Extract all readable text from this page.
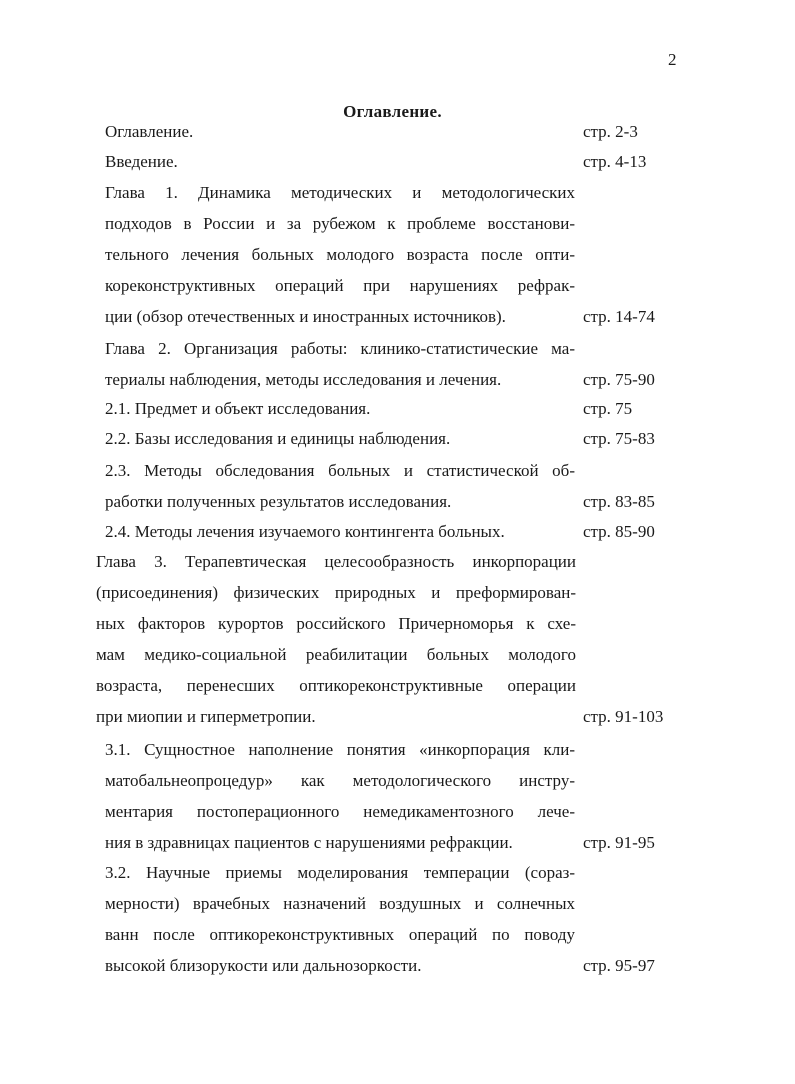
2
Оглавление.
Оглавление.	стр. 2-3
Введение.	стр. 4-13
Глава 1. Динамика методических и методологических
подходов в России и за рубежом к проблеме восстанови-
тельного лечения больных молодого возраста после опти-
кореконструктивных операций при нарушениях рефрак-
ции (обзор отечественных и иностранных источников).	стр. 14-74
Глава 2. Организация работы: клинико-статистические ма-
териалы наблюдения, методы исследования и лечения.	стр. 75-90
2.1. Предмет и объект исследования.	стр. 75
2.2. Базы исследования и единицы наблюдения.	стр. 75-83
2.3. Методы обследования больных и статистической об-
работки полученных результатов исследования.	стр. 83-85
2.4. Методы лечения изучаемого контингента больных.	стр. 85-90
Глава 3. Терапевтическая целесообразность инкорпорации
(присоединения) физических природных и преформирован-
ных факторов курортов российского Причерноморья к схе-
мам медико-социальной реабилитации больных молодого
возраста, перенесших оптикореконструктивные операции
при миопии и гиперметропии.	стр. 91-103
3.1. Сущностное наполнение понятия «инкорпорация кли-
матобальнеопроцедур» как методологического инстру-
ментария постоперационного немедикаментозного лече-
ния в здравницах пациентов с нарушениями рефракции.	стр. 91-95
3.2. Научные приемы моделирования темперации (сораз-
мерности) врачебных назначений воздушных и солнечных
ванн после оптикореконструктивных операций по поводу
высокой близорукости или дальнозоркости.	стр. 95-97
